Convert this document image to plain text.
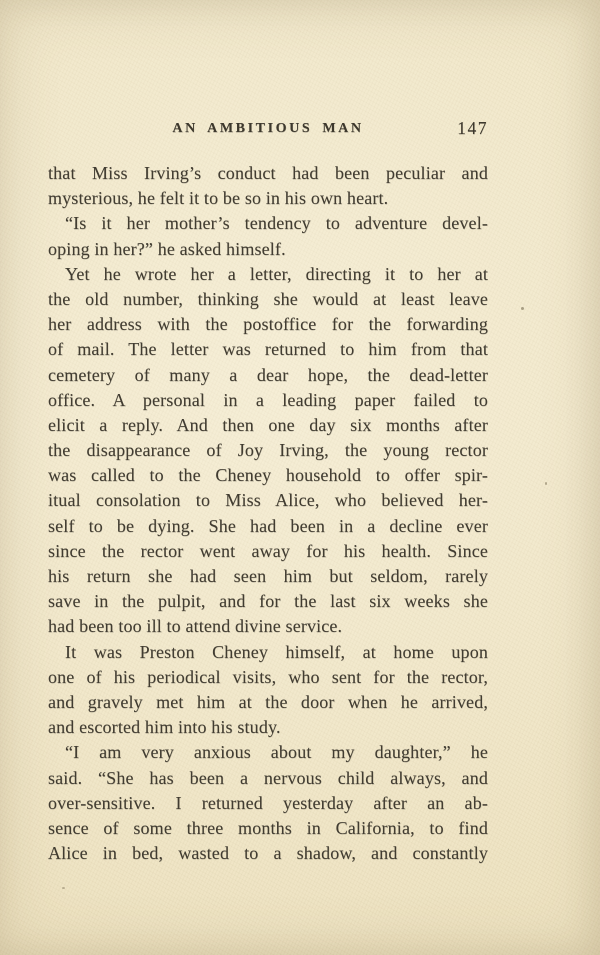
AN AMBITIOUS MAN	147
that Miss Irving’s conduct had been peculiar and
mysterious, he felt it to be so in his own heart.
“Is it her mother’s tendency to adventure devel-
oping in her?” he asked himself.
Yet he wrote her a letter, directing it to her at
the old number, thinking she would at least leave
her address with the postoffice for the forwarding
of mail. The letter was returned to him from that
cemetery of many a dear hope, the dead-letter
office. A personal in a leading paper failed to
elicit a reply. And then one day six months after
the disappearance of Joy Irving, the young rector
was called to the Cheney household to offer spir-
itual consolation to Miss Alice, who believed her-
self to be dying. She had been in a decline ever
since the rector went away for his health. Since
his return she had seen him but seldom, rarely
save in the pulpit, and for the last six weeks she
had been too ill to attend divine service.
It was Preston Cheney himself, at home upon
one of his periodical visits, who sent for the rector,
and gravely met him at the door when he arrived,
and escorted him into his study.
“I am very anxious about my daughter,” he
said. “She has been a nervous child always, and
over-sensitive. I returned yesterday after an ab-
sence of some three months in California, to find
Alice in bed, wasted to a shadow, and constantly
